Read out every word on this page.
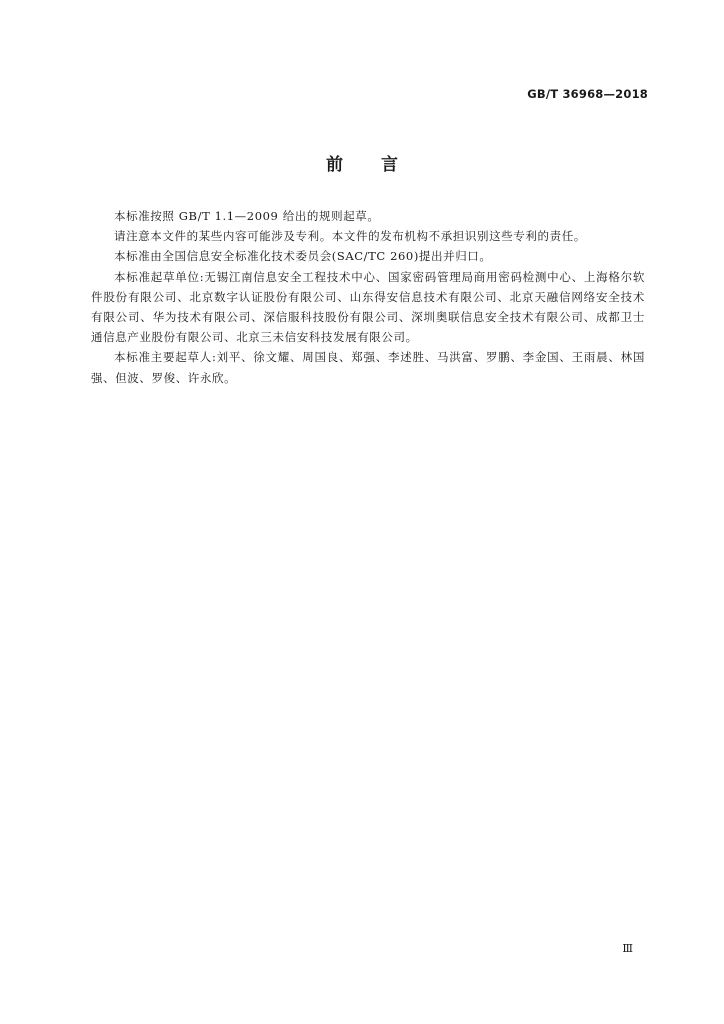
GB/T 36968—2018
前言

本标准按照 GB/T 1.1—2009 给出的规则起草。

请注意本文件的某些内容可能涉及专利。本文件的发布机构不承担识别这些专利的责任。

本标准由全国信息安全标准化技术委员会(SAC/TC 260)提出并归口。

本标准起草单位:无锡江南信息安全工程技术中心、国家密码管理局商用密码检测中心、上海格尔软件股份有限公司、北京数字认证股份有限公司、山东得安信息技术有限公司、北京天融信网络安全技术有限公司、华为技术有限公司、深信服科技股份有限公司、深圳奥联信息安全技术有限公司、成都卫士通信息产业股份有限公司、北京三未信安科技发展有限公司。

本标准主要起草人:刘平、徐文耀、周国良、郑强、李述胜、马洪富、罗鹏、李金国、王雨晨、林国强、但波、罗俊、许永欣。

Ⅲ
